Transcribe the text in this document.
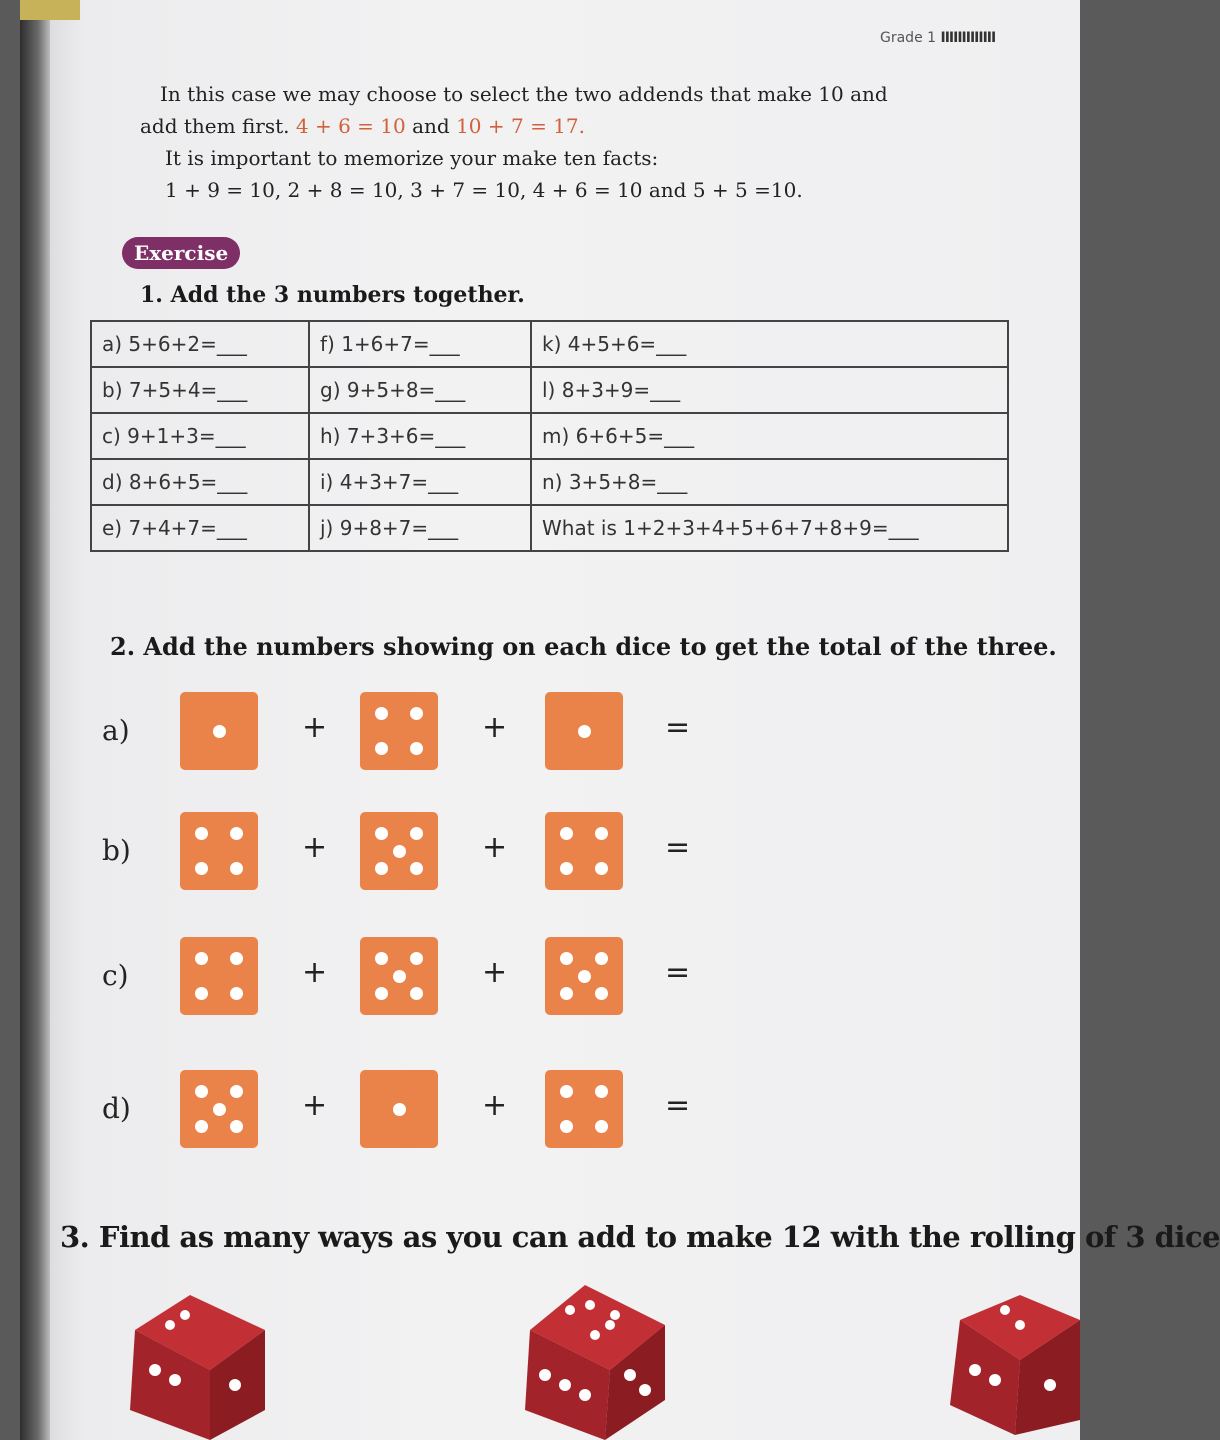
Grade 1 IIIIIIIIIIIII

In this case we may choose to select the two addends that make 10 and

add them first. 4 + 6 = 10 and 10 + 7 = 17.

It is important to memorize your make ten facts:

1 + 9 = 10, 2 + 8 = 10, 3 + 7 = 10, 4 + 6 = 10 and 5 + 5 =10.

Exercise
1. Add the 3 numbers together.
a) 5+6+2=___	f) 1+6+7=___	k) 4+5+6=___
b) 7+5+4=___	g) 9+5+8=___	l) 8+3+9=___
c) 9+1+3=___	h) 7+3+6=___	m) 6+6+5=___
d) 8+6+5=___	i) 4+3+7=___	n) 3+5+8=___
e) 7+4+7=___	j) 9+8+7=___	What is 1+2+3+4+5+6+7+8+9=___
2. Add the numbers showing on each dice to get the total of the three.
a)	+	+	=
b)	+	+	=
c)	+	+	=
d)	+	+	=
3. Find as many ways as you can add to make 12 with the rolling of 3 dice
